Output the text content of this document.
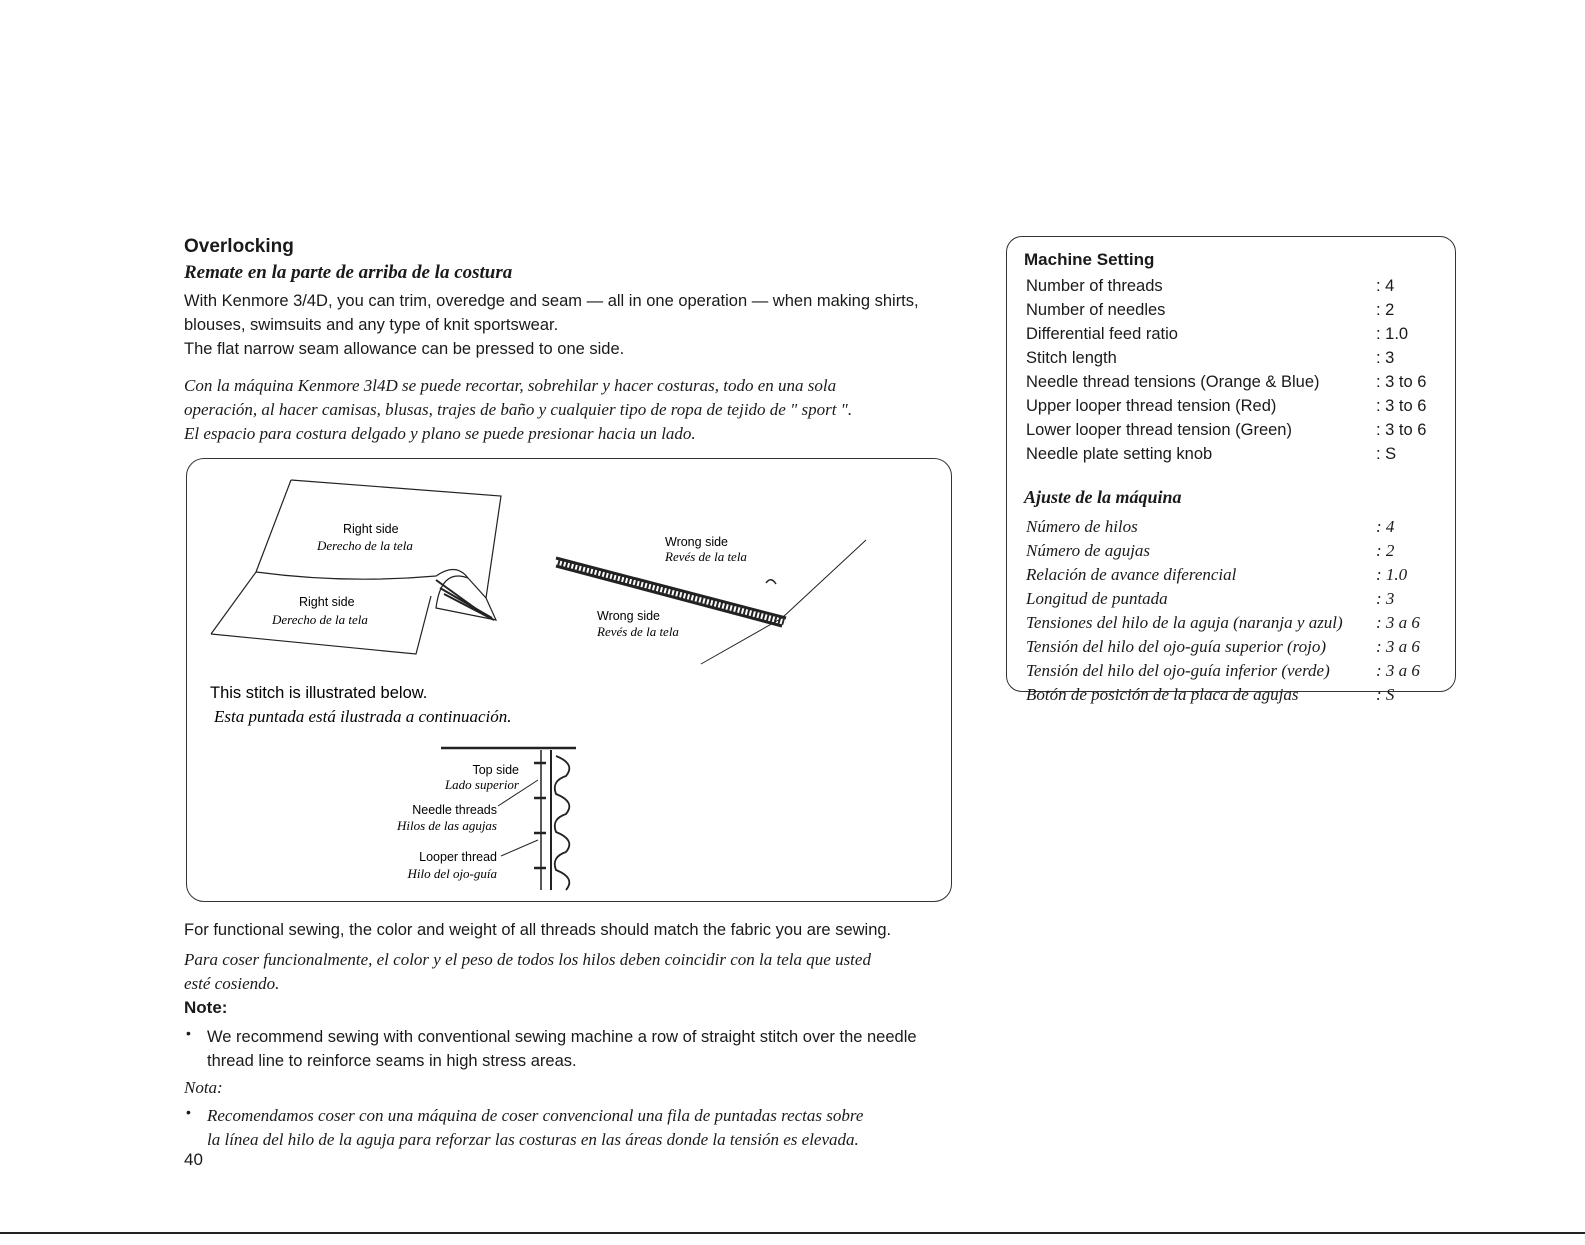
Overlocking
Remate en la parte de arriba de la costura
With Kenmore 3/4D, you can trim, overedge and seam — all in one operation — when making shirts,
blouses, swimsuits and any type of knit sportswear.
The flat narrow seam allowance can be pressed to one side.
Con la máquina Kenmore 3l4D se puede recortar, sobrehilar y hacer costuras, todo en una sola
operación, al hacer camisas, blusas, trajes de baño y cualquier tipo de ropa de tejido de " sport ".
El espacio para costura delgado y plano se puede presionar hacia un lado.
Right side
Derecho de la tela
Right side
Derecho de la tela
Wrong side
Revés de la tela
Wrong side
Revés de la tela
This stitch is illustrated below.
Esta puntada está ilustrada a continuación.
Top side
Lado superior
Needle threads
Hilos de las agujas
Looper thread
Hilo del ojo-guía
For functional sewing, the color and weight of all threads should match the fabric you are sewing.
Para coser funcionalmente, el color y el peso de todos los hilos deben coincidir con la tela que usted
esté cosiendo.
Note:
• We recommend sewing with conventional sewing machine a row of straight stitch over the needle
thread line to reinforce seams in high stress areas.
Nota:
• Recomendamos coser con una máquina de coser convencional una fila de puntadas rectas sobre
la línea del hilo de la aguja para reforzar las costuras en las áreas donde la tensión es elevada.
40
Machine Setting
Number of threads	: 4
Number of needles	: 2
Differential feed ratio	: 1.0
Stitch length	: 3
Needle thread tensions (Orange & Blue)	: 3 to 6
Upper looper thread tension (Red)	: 3 to 6
Lower looper thread tension (Green)	: 3 to 6
Needle plate setting knob	: S
Ajuste de la máquina
Número de hilos	: 4
Número de agujas	: 2
Relación de avance diferencial	: 1.0
Longitud de puntada	: 3
Tensiones del hilo de la aguja (naranja y azul) : 3 a 6
Tensión del hilo del ojo-guía superior (rojo)	: 3 a 6
Tensión del hilo del ojo-guía inferior (verde)	: 3 a 6
Botón de posición de la placa de agujas	: S
